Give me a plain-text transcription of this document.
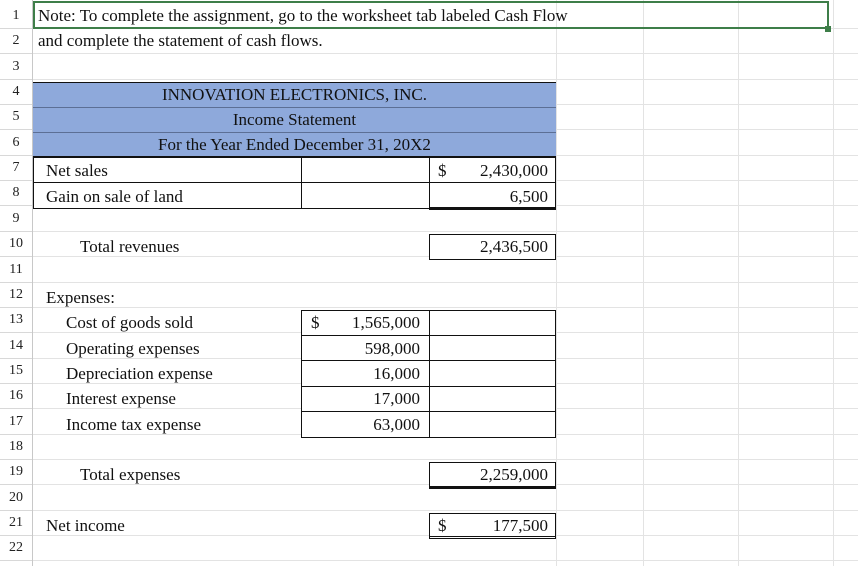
1
2
3
4
5
6
7
8
9
10
11
12
13
14
15
16
17
18
19
20
21
22
Note: To complete the assignment, go to the worksheet tab labeled Cash Flow
and complete the statement of cash flows.
INNOVATION ELECTRONICS, INC.
Income Statement
For the Year Ended December 31, 20X2
Net sales
Gain on sale of land
Total revenues
Expenses:
Cost of goods sold
Operating expenses
Depreciation expense
Interest expense
Income tax expense
Total expenses
Net income
$
$
$
2,430,000
6,500
2,436,500
1,565,000
598,000
16,000
17,000
63,000
2,259,000
177,500
